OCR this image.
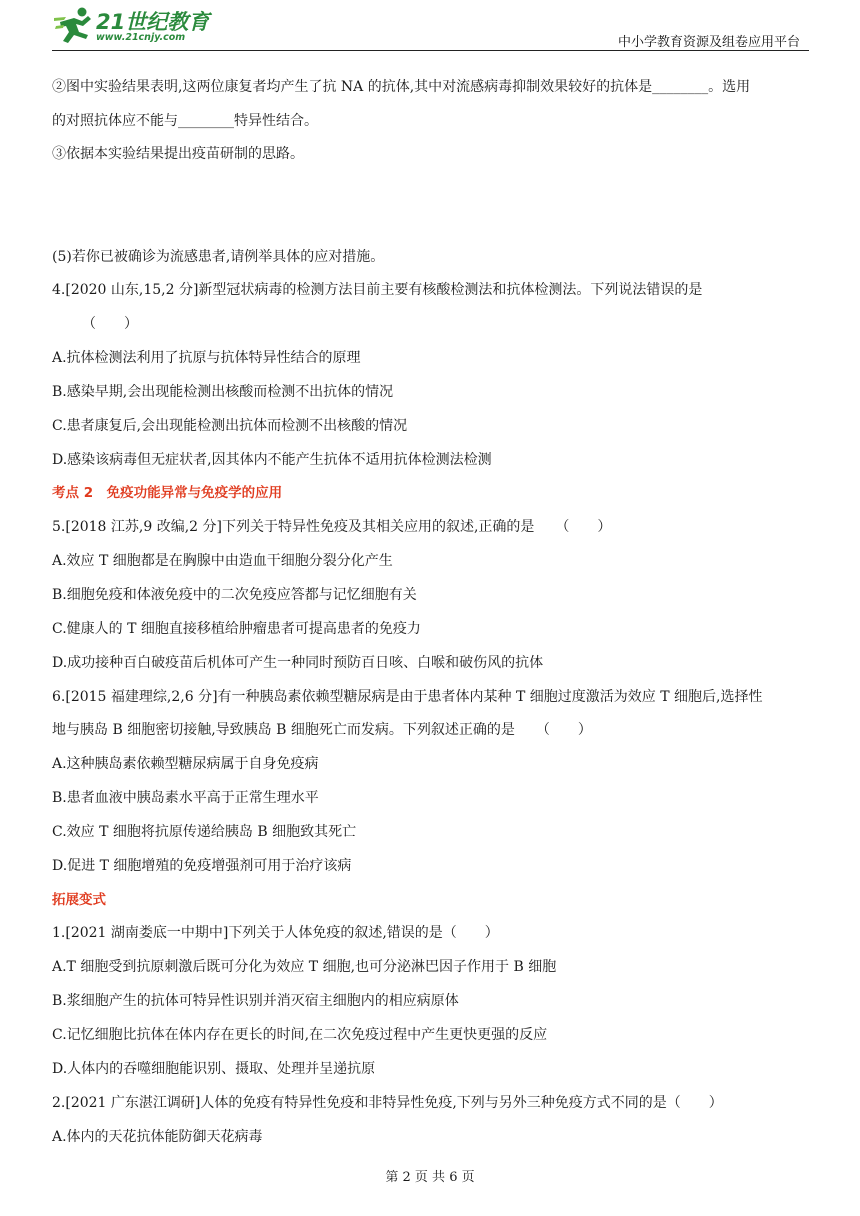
21世纪教育
www.21cnjy.com	中小学教育资源及组卷应用平台
②图中实验结果表明,这两位康复者均产生了抗 NA 的抗体,其中对流感病毒抑制效果较好的抗体是________。选用
的对照抗体应不能与________特异性结合。
③依据本实验结果提出疫苗研制的思路。
(5)若你已被确诊为流感患者,请例举具体的应对措施。
4.[2020 山东,15,2 分]新型冠状病毒的检测方法目前主要有核酸检测法和抗体检测法。下列说法错误的是
（　　）
A.抗体检测法利用了抗原与抗体特异性结合的原理
B.感染早期,会出现能检测出核酸而检测不出抗体的情况
C.患者康复后,会出现能检测出抗体而检测不出核酸的情况
D.感染该病毒但无症状者,因其体内不能产生抗体不适用抗体检测法检测
考点 2　免疫功能异常与免疫学的应用
5.[2018 江苏,9 改编,2 分]下列关于特异性免疫及其相关应用的叙述,正确的是　　（　　）
A.效应 T 细胞都是在胸腺中由造血干细胞分裂分化产生
B.细胞免疫和体液免疫中的二次免疫应答都与记忆细胞有关
C.健康人的 T 细胞直接移植给肿瘤患者可提高患者的免疫力
D.成功接种百白破疫苗后机体可产生一种同时预防百日咳、白喉和破伤风的抗体
6.[2015 福建理综,2,6 分]有一种胰岛素依赖型糖尿病是由于患者体内某种 T 细胞过度激活为效应 T 细胞后,选择性
地与胰岛 B 细胞密切接触,导致胰岛 B 细胞死亡而发病。下列叙述正确的是　　（　　）
A.这种胰岛素依赖型糖尿病属于自身免疫病
B.患者血液中胰岛素水平高于正常生理水平
C.效应 T 细胞将抗原传递给胰岛 B 细胞致其死亡
D.促进 T 细胞增殖的免疫增强剂可用于治疗该病
拓展变式
1.[2021 湖南娄底一中期中]下列关于人体免疫的叙述,错误的是（　　）
A.T 细胞受到抗原刺激后既可分化为效应 T 细胞,也可分泌淋巴因子作用于 B 细胞
B.浆细胞产生的抗体可特异性识别并消灭宿主细胞内的相应病原体
C.记忆细胞比抗体在体内存在更长的时间,在二次免疫过程中产生更快更强的反应
D.人体内的吞噬细胞能识别、摄取、处理并呈递抗原
2.[2021 广东湛江调研]人体的免疫有特异性免疫和非特异性免疫,下列与另外三种免疫方式不同的是（　　）
A.体内的天花抗体能防御天花病毒
第 2 页 共 6 页
